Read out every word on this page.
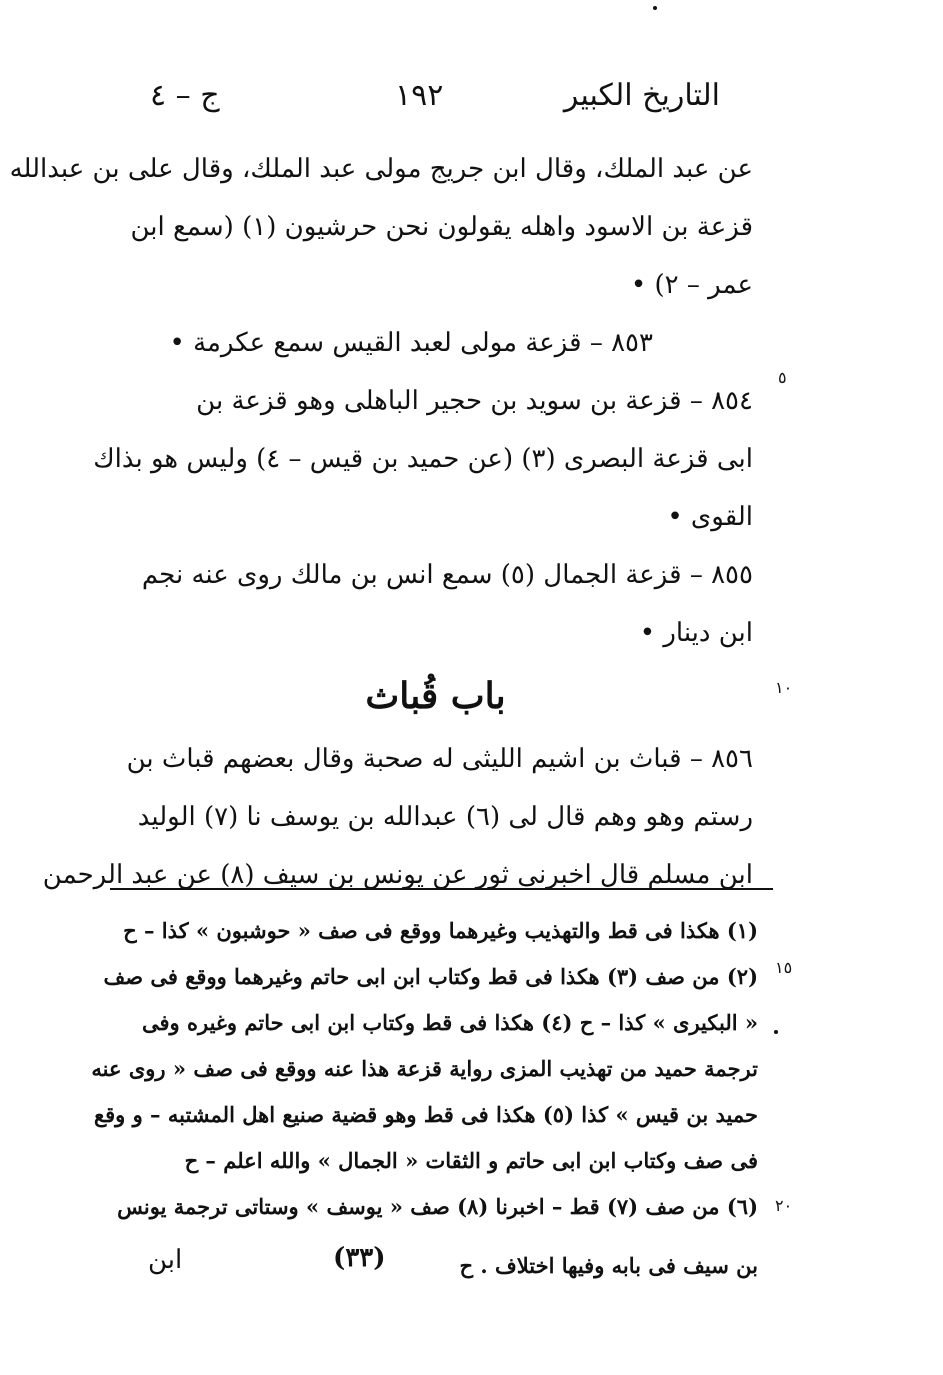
التاريخ الكبير
١٩٢
ج – ٤
عن عبد الملك، وقال ابن جريج مولى عبد الملك، وقال على بن عبدالله
قزعة بن الاسود واهله يقولون نحن حرشيون (١) (سمع ابن
عمر – ٢) •
٨٥٣ – قزعة مولى لعبد القيس سمع عكرمة •
٨٥٤ – قزعة بن سويد بن حجير الباهلى وهو قزعة بن
ابى قزعة البصرى (٣) (عن حميد بن قيس – ٤) وليس هو بذاك
القوى •
٨٥٥ – قزعة الجمال (٥) سمع انس بن مالك روى عنه نجم
ابن دينار •
باب قُباث
٨٥٦ – قباث بن اشيم الليثى له صحبة وقال بعضهم قباث بن
رستم وهو وهم قال لى (٦) عبدالله بن يوسف نا (٧) الوليد
ابن مسلم قال اخبرنى ثور عن يونس بن سيف (٨) عن عبد الرحمن
٥
١٠
١٥
٢٠
(١) هكذا فى قط والتهذيب وغيرهما ووقع فى صف « حوشبون » كذا – ح
(٢) من صف (٣) هكذا فى قط وكتاب ابن ابى حاتم وغيرهما ووقع فى صف
« البكيرى » كذا – ح (٤) هكذا فى قط وكتاب ابن ابى حاتم وغيره وفى
ترجمة حميد من تهذيب المزى رواية قزعة هذا عنه ووقع فى صف « روى عنه
حميد بن قيس » كذا (٥) هكذا فى قط وهو قضية صنيع اهل المشتبه – و وقع
فى صف وكتاب ابن ابى حاتم و الثقات « الجمال » والله اعلم – ح
(٦) من صف (٧) قط – اخبرنا (٨) صف « يوسف » وستاتى ترجمة يونس
بن سيف فى بابه وفيها اختلاف . ح
(٣٣)
ابن
